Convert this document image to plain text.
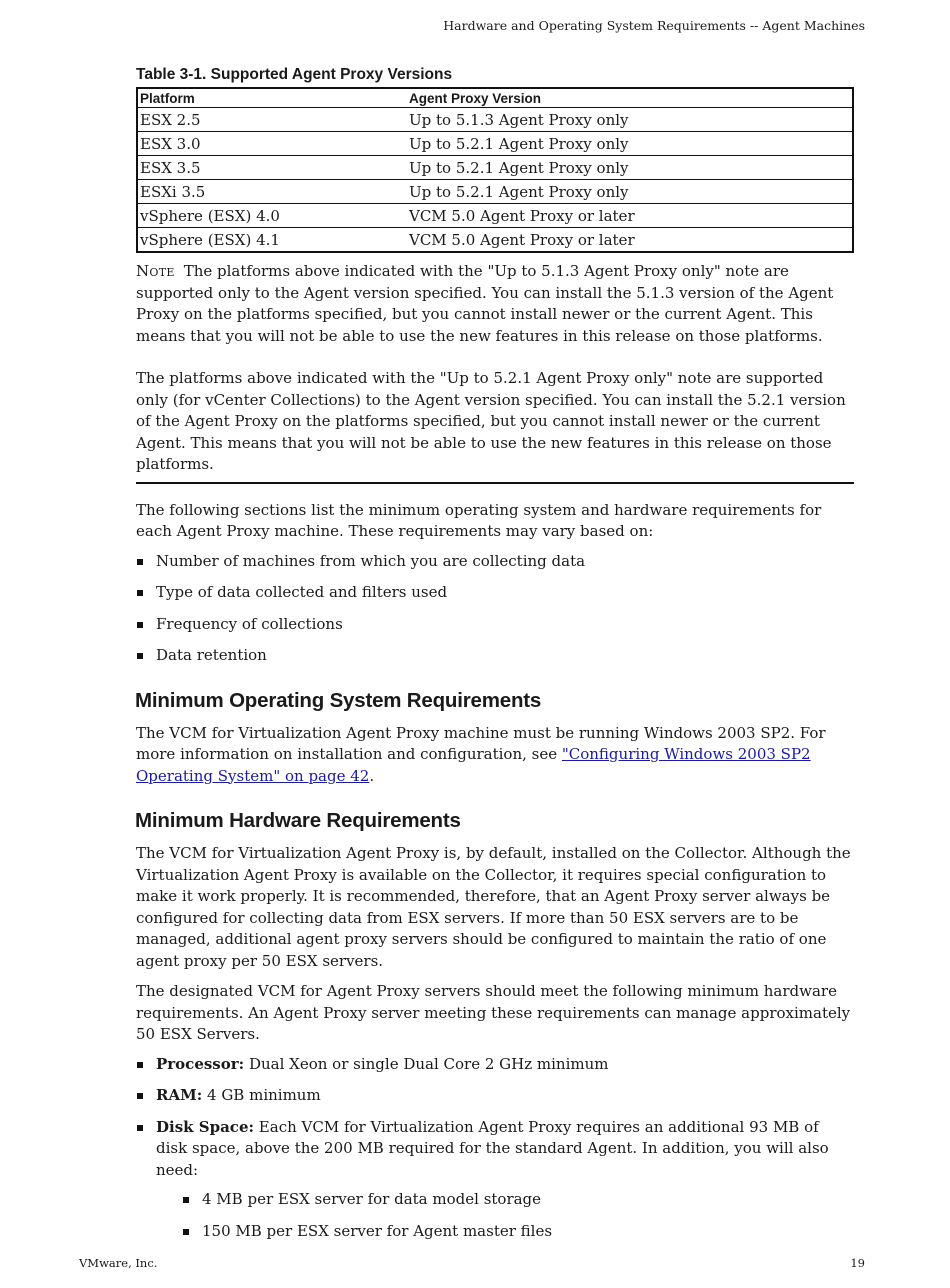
Hardware and Operating System Requirements -- Agent Machines
Table 3-1. Supported Agent Proxy Versions
Platform	Agent Proxy Version
ESX 2.5	Up to 5.1.3 Agent Proxy only
ESX 3.0	Up to 5.2.1 Agent Proxy only
ESX 3.5	Up to 5.2.1 Agent Proxy only
ESXi 3.5	Up to 5.2.1 Agent Proxy only
vSphere (ESX) 4.0	VCM 5.0 Agent Proxy or later
vSphere (ESX) 4.1	VCM 5.0 Agent Proxy or later

Note The platforms above indicated with the "Up to 5.1.3 Agent Proxy only" note are supported only to the Agent version specified. You can install the 5.1.3 version of the Agent Proxy on the platforms specified, but you cannot install newer or the current Agent. This means that you will not be able to use the new features in this release on those platforms.

The platforms above indicated with the "Up to 5.2.1 Agent Proxy only" note are supported only (for vCenter Collections) to the Agent version specified. You can install the 5.2.1 version of the Agent Proxy on the platforms specified, but you cannot install newer or the current Agent. This means that you will not be able to use the new features in this release on those platforms.

The following sections list the minimum operating system and hardware requirements for each Agent Proxy machine. These requirements may vary based on:

Number of machines from which you are collecting data
Type of data collected and filters used
Frequency of collections
Data retention
Minimum Operating System Requirements

The VCM for Virtualization Agent Proxy machine must be running Windows 2003 SP2. For more information on installation and configuration, see "Configuring Windows 2003 SP2 Operating System" on page 42.

Minimum Hardware Requirements

The VCM for Virtualization Agent Proxy is, by default, installed on the Collector. Although the Virtualization Agent Proxy is available on the Collector, it requires special configuration to make it work properly. It is recommended, therefore, that an Agent Proxy server always be configured for collecting data from ESX servers. If more than 50 ESX servers are to be managed, additional agent proxy servers should be configured to maintain the ratio of one agent proxy per 50 ESX servers.

The designated VCM for Agent Proxy servers should meet the following minimum hardware requirements. An Agent Proxy server meeting these requirements can manage approximately 50 ESX Servers.

Processor: Dual Xeon or single Dual Core 2 GHz minimum
RAM: 4 GB minimum
Disk Space: Each VCM for Virtualization Agent Proxy requires an additional 93 MB of disk space, above the 200 MB required for the standard Agent. In addition, you will also need:
4 MB per ESX server for data model storage
150 MB per ESX server for Agent master files
VMware, Inc.	19
